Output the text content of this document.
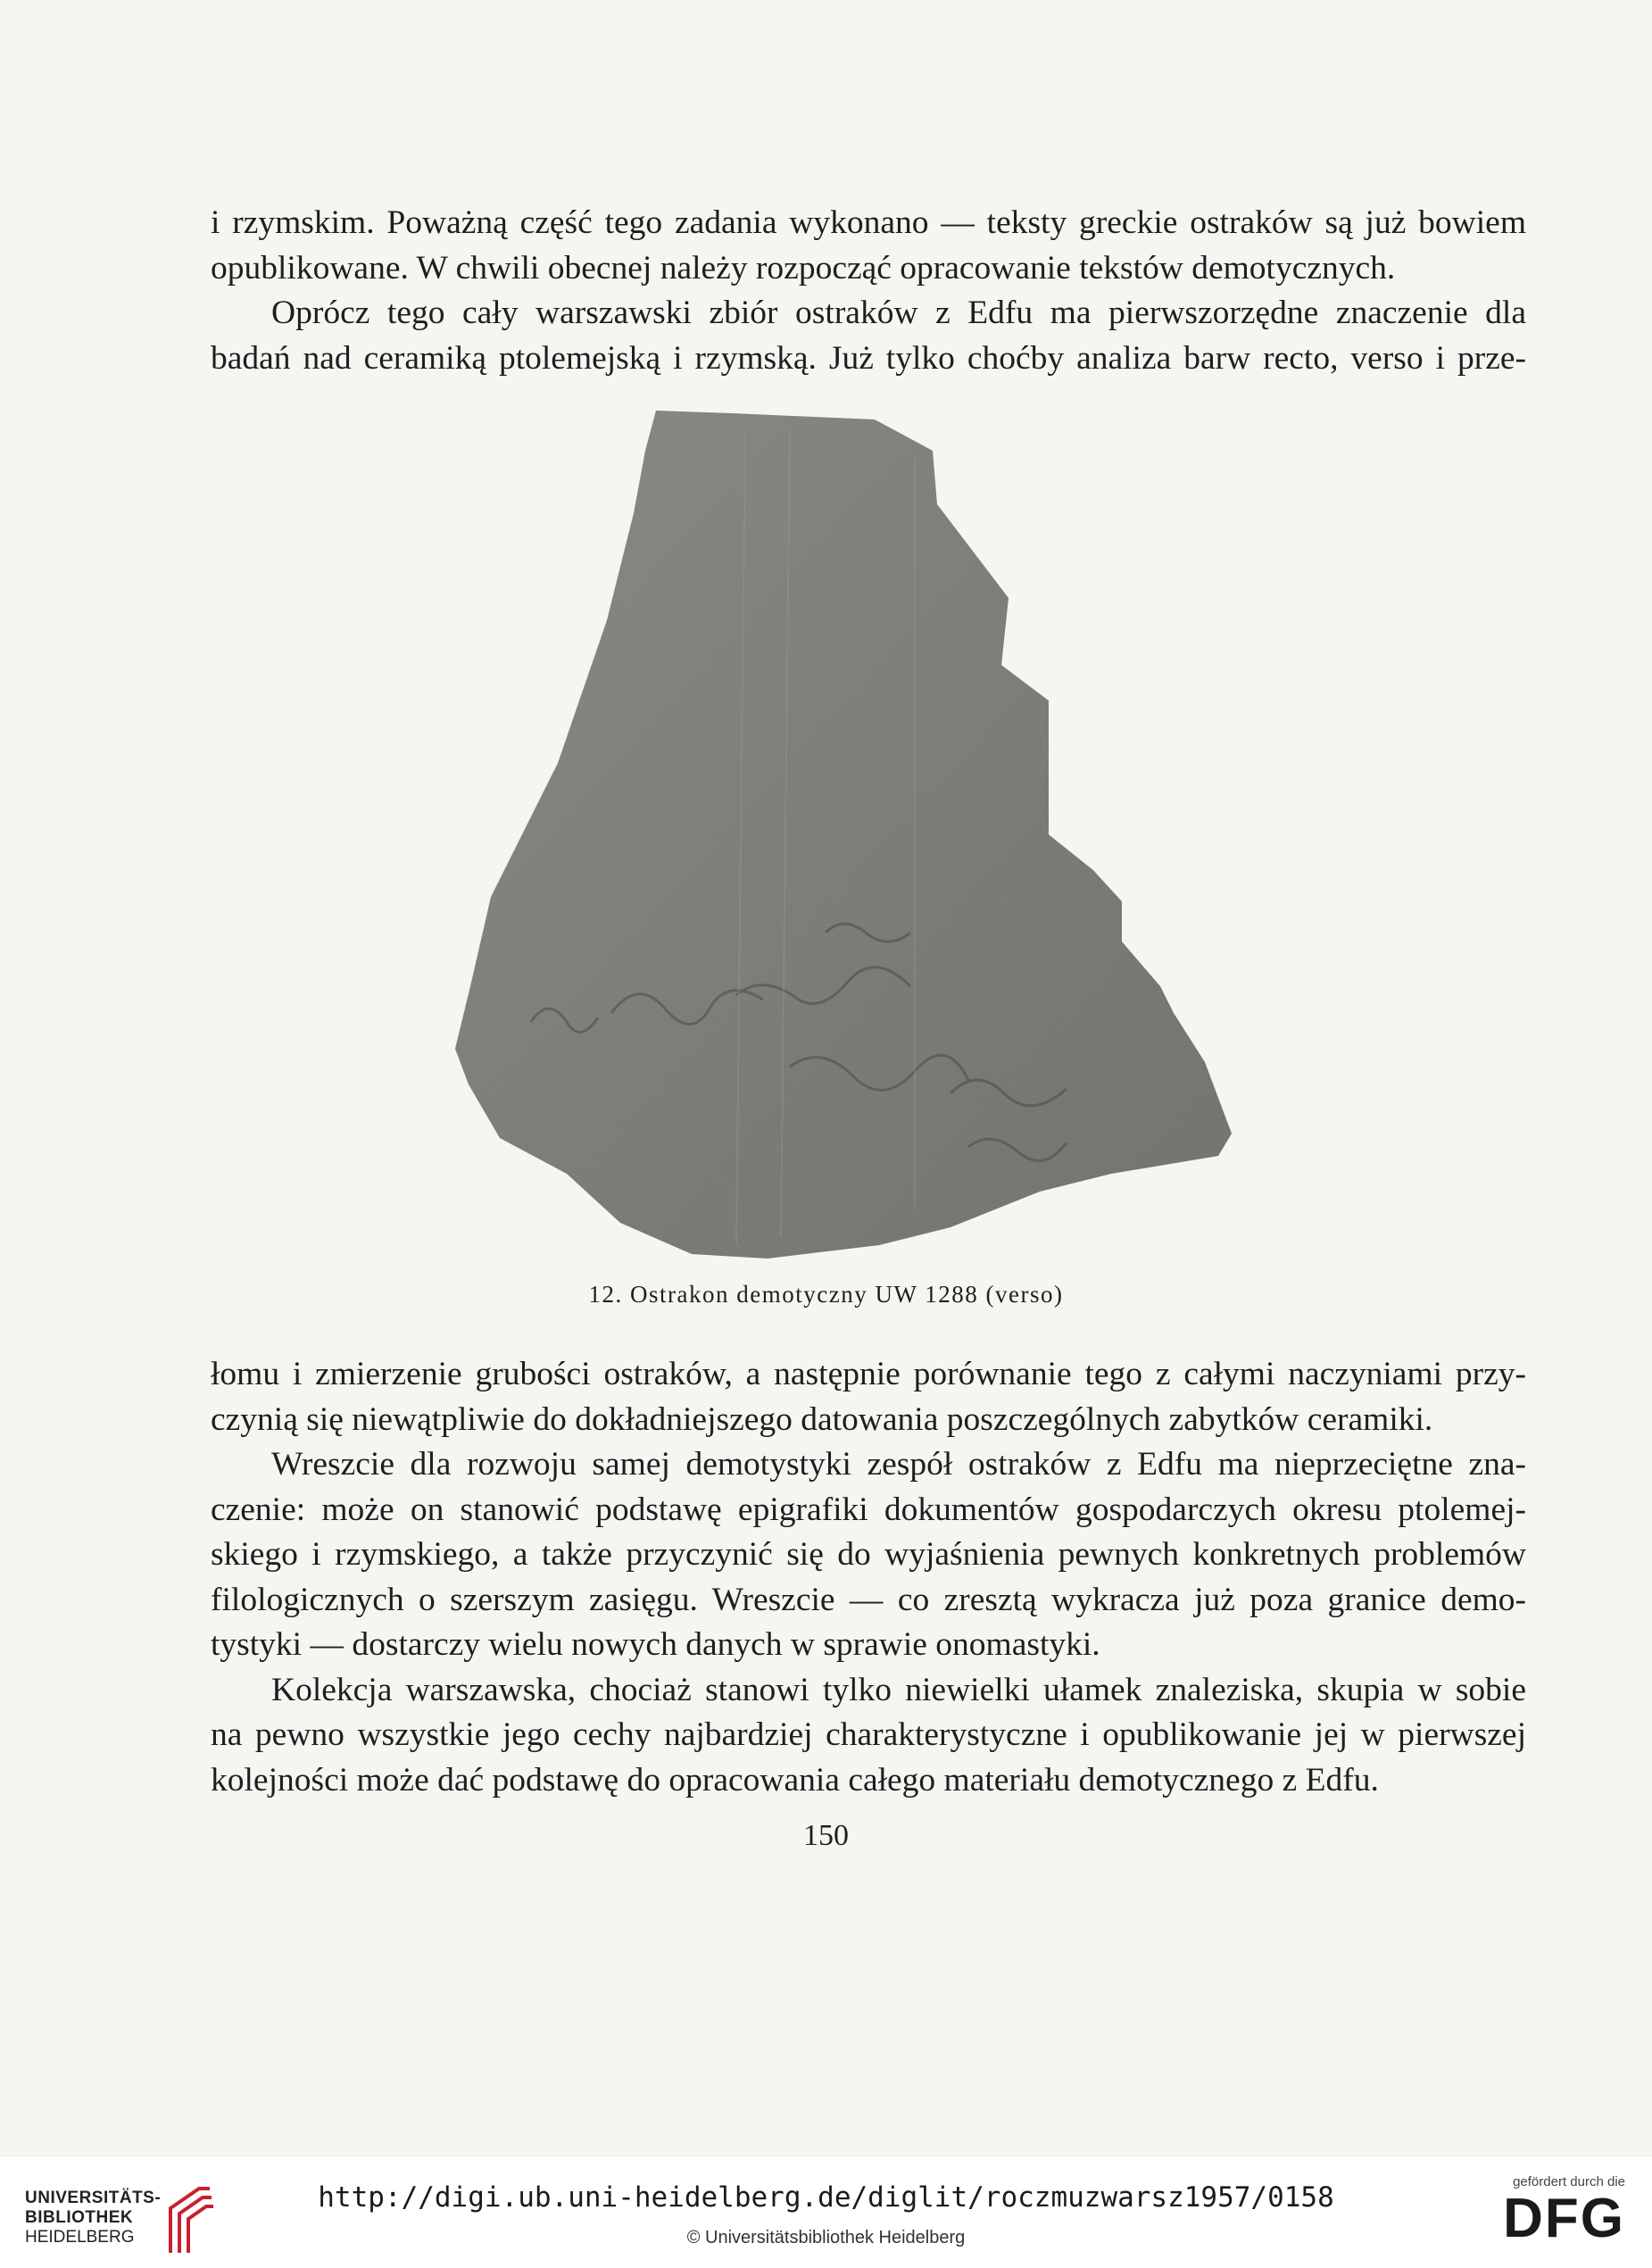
i rzymskim. Poważną część tego zadania wykonano — teksty greckie ostraków są już bowiem
opublikowane. W chwili obecnej należy rozpocząć opracowanie tekstów demotycznych.
Oprócz tego cały warszawski zbiór ostraków z Edfu ma pierwszorzędne znaczenie dla
badań nad ceramiką ptolemejską i rzymską. Już tylko choćby analiza barw recto, verso i prze-
12. Ostrakon demotyczny UW 1288 (verso)
łomu i zmierzenie grubości ostraków, a następnie porównanie tego z całymi naczyniami przy-
czynią się niewątpliwie do dokładniejszego datowania poszczególnych zabytków ceramiki.
Wreszcie dla rozwoju samej demotystyki zespół ostraków z Edfu ma nieprzeciętne zna-
czenie: może on stanowić podstawę epigrafiki dokumentów gospodarczych okresu ptolemej-
skiego i rzymskiego, a także przyczynić się do wyjaśnienia pewnych konkretnych problemów
filologicznych o szerszym zasięgu. Wreszcie — co zresztą wykracza już poza granice demo-
tystyki — dostarczy wielu nowych danych w sprawie onomastyki.
Kolekcja warszawska, chociaż stanowi tylko niewielki ułamek znaleziska, skupia w sobie
na pewno wszystkie jego cechy najbardziej charakterystyczne i opublikowanie jej w pierwszej
kolejności może dać podstawę do opracowania całego materiału demotycznego z Edfu.
150
UNIVERSITÄTS-
BIBLIOTHEK
HEIDELBERG
http://digi.ub.uni-heidelberg.de/diglit/roczmuzwarsz1957/0158
© Universitätsbibliothek Heidelberg
gefördert durch die
DFG
